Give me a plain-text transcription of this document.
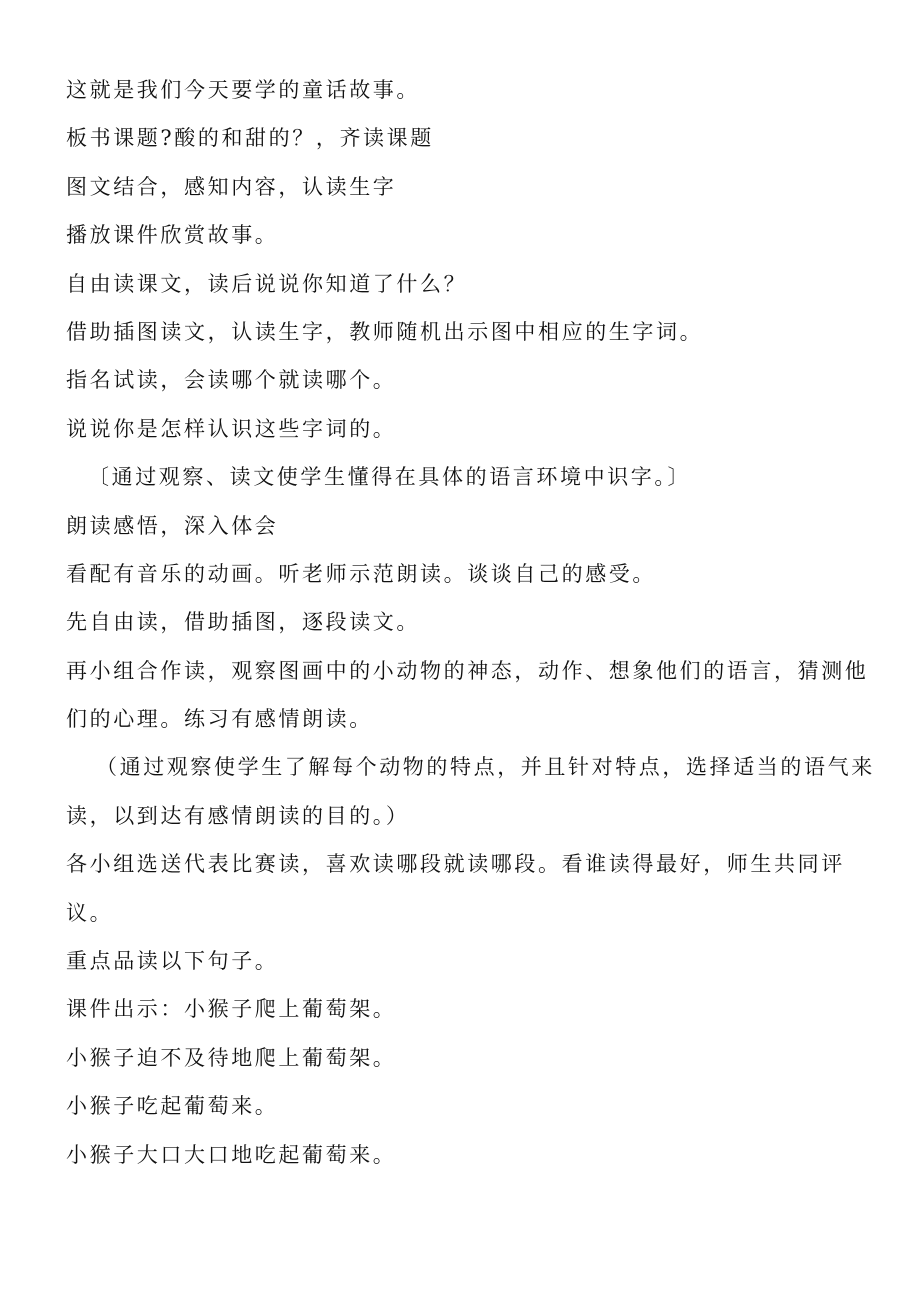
这就是我们今天要学的童话故事。
板书课题?酸的和甜的？，齐读课题
图文结合，感知内容，认读生字
播放课件欣赏故事。
自由读课文，读后说说你知道了什么？
借助插图读文，认读生字，教师随机出示图中相应的生字词。
指名试读，会读哪个就读哪个。
说说你是怎样认识这些字词的。
〔通过观察、读文使学生懂得在具体的语言环境中识字。〕
朗读感悟，深入体会
看配有音乐的动画。听老师示范朗读。谈谈自己的感受。
先自由读，借助插图，逐段读文。
再小组合作读，观察图画中的小动物的神态，动作、想象他们的语言，猜测他
们的心理。练习有感情朗读。
（通过观察使学生了解每个动物的特点，并且针对特点，选择适当的语气来
读，以到达有感情朗读的目的。）
各小组选送代表比赛读，喜欢读哪段就读哪段。看谁读得最好，师生共同评
议。
重点品读以下句子。
课件出示：小猴子爬上葡萄架。
小猴子迫不及待地爬上葡萄架。
小猴子吃起葡萄来。
小猴子大口大口地吃起葡萄来。
